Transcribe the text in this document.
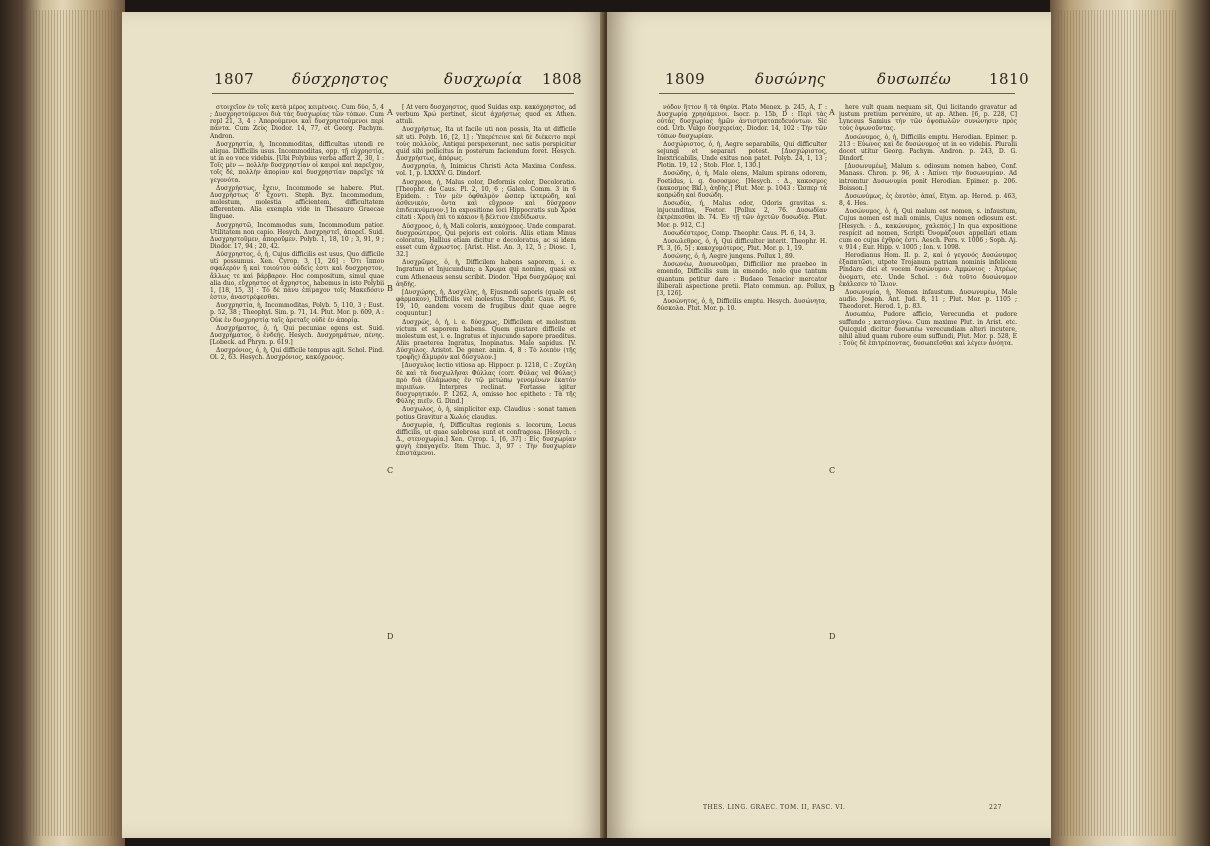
1807	δύσχρηστος	δυσχωρία 1808

στοιχεῖον ἐν τοῖς κατὰ μέρος κειμένοις. Cum δύο, 5, 4 ; Δυσχρηστούμενοι διὰ τὰς δυσχωρίας τῶν τόπων. Cum repl 21, 3, 4 : Ἀπορούμενοι καὶ δυσχρηστούμενοι περὶ πάντα. Cum Ζεὺς Diodor. 14, 77, et Georg. Pachym. Andron.

Δυσχρηστία, ἡ, Incommoditas, difficultas utendi re aliqua. Difficilis usus. Incommoditas, opp. τῇ εὐχρηστίᾳ, ut in eo voce videbis. [Ubi Polybius verba affert 2, 30, 1 : Τοῖς μὲν — πολλὴν δυσχρηστίαν οἱ καιροὶ καὶ παρεῖχον, τοῖς δὲ, πολλὴν ἀπορίαν καὶ δυσχρηστίαν παρεῖχε τὰ γεγονότα.

Δυσχρήστως, ἔχειν, Incommode se habere. Plut. Δυσχρήστως δ' ἔχοντι. Steph. Byz. Incommodum, molestum, molestia afficientem, difficultatem afferentem. Alia exempla vide in Thesauro Graecae linguae.

Δυσχρηστῶ, Incommodus sum, Incommodum patior. Utilitatem non capio. Hesych. Δυσχρηστεῖ, ἀπορεῖ. Suid. Δυσχρηστοῦμεν, ἀποροῦμεν. Polyb. 1, 18, 10 ; 3, 91, 9 ; Diodor. 17, 94 ; 20, 42.

Δύσχρηστος, ὁ, ἡ, Cujus difficilis est usus, Quo difficile uti possumus. Xen. Cyrop. 3, [1, 26] : Ὅτι ἵππου σφαλερὸν ἢ καὶ τοιούτου οὐδεὶς ἐστι καὶ δυσχρηστον, ἄλλως τε καὶ βάρβαρον. Hoc compositum, simul quae alia duo, εὔχρηστος et ἄχρηστος, habemus in isto Polybii 1, [18, 15, 3] : Τὸ δὲ πάνυ ἐπίμαχον τοῖς Μακεδόσιν ἐστιν, ἀναστρέφεσθαι.

Δυσχρηστία, ἡ, Incommoditas, Polyb. 5, 110, 3 ; Eust. p. 52, 38 ; Theophyl. Sim. p. 71, 14. Plut. Mor. p. 609, A : Οὐκ ἐν δυσχρηστίᾳ ταῖς ἀρεταῖς οὐδὲ ἐν ἀπορίᾳ.

Δυσχρήματος, ὁ, ἡ, Qui pecuniae egens est. Suid. Δυσχρήματος, ὁ ἐνδεής. Hesych. Δυσχρημάτων, πένης. [Lobeck. ad Phryn. p. 619.]

Δυσχρόνιος, ὁ, ἡ, Qui difficile tempus agit. Schol. Pind. Ol. 2, 63. Hesych. Δυσχρόνιος, κακόχρονος.

A
B
C
D

[ At vero δυσχρηστος, quod Suidas exp. κακόχρηστος, ad verbum Χρώ pertinet, sicut ἀχρήστως quod ex Athen. attuli.

Δυσχρήστως, Ita ut facile uti non possis, Ita ut difficile sit uti. Polyb. 16, [2, 1] : Ὑπερέτεινε καὶ δὲ διέκειτο περὶ τοὺς πολλοὺς, Antiqui perspexerunt, nec satis perspicitur quid sibi pollicitus in posterum faciendum foret. Hesych. Δυσχρήστως, ἀπόρως.

Δυσχρησία, ἡ, Inimicus Christi Acta Maxima Confess. vol. 1, p. LXXXV. G. Dindorf.

Δυσχροια, ἡ, Malus color, Deformis color, Decoloratio. [Theophr. de Caus. Pl. 2, 10, 6 ; Galen. Comm. 3 in 6 Epidem. : Τὸν μὲν ὀφθαλμὸν ὥσπερ ἰκτερώδη, καὶ ἀσθενικὸν, ὄντα καὶ εὔχροον καὶ δύσχροον ἐπιδεικνύμενον.] In expositione loci Hippocratis sub Χρόα citati : Χροιὴ ἐπὶ τὸ κάκιον ἢ βέλτιον ἐπιδίδωσιν.

Δύσχροος, ὁ, ἡ, Mali coloris, κακόχροος. Unde comparat. δυσχροώτερος, Qui pejoris est coloris. Aliis etiam Minus coloratus, Hallius etiam dicitur e decoloratus, ac si idem esset cum ἄχρωστος. [Arist. Hist. An. 3, 12, 5 ; Diosc. 1, 32.]

Δυσχρῶμος, ὁ, ἡ, Difficilem habens saporem, i. e. Ingratum et Injucundum; a Χρωμα qui nomine, quasi ex cum Athenaeus sensu scribit. Diodor. Ἥρα δυσχρῶμος καὶ ἀηδὴς.

[Δυσχώρης, ἡ, Δυσχέλης, ἡ, Ejusmodi saporis (quale est φάρμακον), Difficilis vel molestus. Theophr. Caus. Pl. 6, 19, 10, eandem vocem de frugibus dixit quae aegre coquuntur.]

Δυσχρώς, ὁ, ἡ, i. e. δύσχρως, Difficilem et molestum victum et saporem habens. Quem gustare difficile et molestum est, i. e. Ingratus et injucundo sapore praeditus. Aliis praeterea Ingratus, Inopinatus. Male sapidus. [V. Δύσχυλος. Aristot. De gener. anim. 4, 8 : Τὸ λοιπὸν (τῆς τροφῆς) ἄλμυρὸν καὶ δύσχυλον.]

[Δυσχυλος lectio vitiosa ap. Hippocr. p. 1218, C : Ζυχέλη δὲ καὶ τὰ δυσχωλῆσαι Φύλλας (corr. Φύλας vel Φύλας) πρὸ διὰ (ἐλάμωσας ἐν τῷ μετώπῳ γενομένων ἑκατὸν περιπίων. Interpres reclinat. Fortasse igitur δυσχυρητικόν. P. 1262, A, omisso hoc epitheto : Τὰ τῆς Φύλης πιεῖν. G. Dind.]

Δυσχωλος, ὁ, ἡ, simpliciter exp. Claudius : sonat tamen potius Gravitur a Χωλός claudus.

Δυσχωρία, ἡ, Difficultas regionis s. locorum, Locus difficilis, ut quae salebrosa sunt et confragosa. [Hesych. : Δ., στενοχωρία.] Xen. Cyrop. 1, [6, 37] : Εἰς δυσχωρίαν φυγὴ ἐπαγαγεῖν. Item Thuc. 3, 97 : Τὴν δυσχωρίαν ἐπιστάμενοι.

1809	δυσώνης	δυσωπέω	1810

νόδον ἥττον ἢ τὰ θηρία. Plato Menex. p. 245, A, Γ : Δυσχωρίᾳ χρησάμενοι. Isocr. p. 15b, D : Περὶ τὰς οὐτὰς δυσχωρίας ἡμῶν ἀντιστρατοπεδευόντων. Sic cod. Urb. Vulgo δυσχερείας. Diodor. 14, 102 : Τὴν τῶν τόπων δυσχωρίαν.

Δυσχώριστος, ὁ, ἡ, Aegre separabilis, Qui difficulter sejungi et separari potest. [Δυσχώριστος, Inextricabilis, Unde exitus non patet. Polyb. 24, 1, 13 ; Plotin. 19, 12 ; Stob. Flor. 1, 130.]

Δυσώδης, ὁ, ἡ, Male olens, Malum spirans odorem, Foetidus, i. q. δυσοσμος. [Hesych. : Δ., κακοσμος (κακοσμος Bkl.), ἀηδὴς.] Plut. Mor. p. 1043 : Ὥσπερ τὰ κοπρώδη καὶ δυσώδη.

Δυσωδία, ἡ, Malus odor, Odoris gravitas s. injucunditas, Foetor. [Pollux 2, 76. Δυσωδίαν ἐκτρέπεσθαι ib. 74. Ἐν τῇ τῶν ὀχετῶν δυσωδίᾳ. Plut. Mor. p. 912, C.]

Δυσωδέστερος, Comp. Theophr. Caus. Pl. 6, 14, 3.

Δυσωλεθρος, ὁ, ἡ, Qui difficulter interit. Theophr. H. Pl. 3, [6, 5] ; κακοχυμότερος, Plut. Mor. p. 1, 19.

Δυσώνης, ὁ, ἡ, Aegre jungens. Pollux 1, 89.

Δυσωνέω, Δυσωνοῦμαι, Difficilior me praebeo in emendo, Difficilis sum in emendo, nolo que tantum quantum petitur dare : Budaeo Tenacior mercator illiberali aspectione pretii. Plato commun. ap. Pollux, [3, 126].

Δυσώνητος, ὁ, ἡ, Difficilis emptu. Hesych. Δυσώνητα, δύσκολα. Plut. Mor. p. 10.

A
B
C
D

here vult quam nequam sit, Qui licitando gravatur ad justum pretium pervenire, ut ap. Athen. [6, p. 228, C] Lynceus Samius τὴν τῶν ὀψοπωλῶν συνώνησιν πρὸς τοὺς ὀψωνοῦντας.

Δυσώνυμος, ὁ, ἡ, Difficilis emptu. Herodian. Epimer. p. 213 : Εὐωνος καὶ δε δυσώνυμος ut in eo videbis. Pluralii docet utitur Georg. Pachym. Andron. p. 243, D. G. Dindorf.

[Δυσωνυμέω], Malum s. odiosum nomen habeo, Conf. Manass. Chron. p. 96, A : Ἀπίνει τὴν δυσωνυμίαν. Ad intromtur Δυσωνυμία ponit Herodian. Epimer. p. 206. Boisson.]

Δυσωνύμως, ἐς ἑαυτὸν, ἀπαί, Etym. ap. Herod. p. 463, 8, 4. Hes.

Δυσώνυμος, ὁ, ἡ, Qui malum est nomen, s. infaustum, Cujus nomen est mali ominis, Cujus nomen odiosum est. [Hesych. : Δ., κακώνυμος, χαλεπός.] In qua expositione respicit ad nomen, Scripti Ὀνομάζουσι appellari etiam cum eo cujus ἐχθρὸς ἐστι. Aesch. Pers. v. 1006 ; Soph. Aj. v. 914 ; Eur. Hipp. v. 1005 ; Ion. v. 1098.

Herodianus Hom. II. p. 2, καὶ ὁ γεγονός Δυσώνυμος ἐξαπατῶσι, utpote Trojanum patriam nominis infelicem Pindaro dici et vocem δυσώνυμον. Ἀμμώνιος : Ἀτρέως ὄνοματι, etc. Unde Schol. : διὰ τοῦτο δυσώνυμον ἐκάλεσεν τὸ Ἴλιον.

Δυσωνυμία, ἡ, Nomen infaustum. Δυσωνυμέω, Male audio. Joseph. Ant. Jud. 8, 11 ; Plut. Mor. p. 1105 ; Theodoret. Herod. 1, p. 83.

Δυσωπέω, Pudore afficio, Verecundia et pudore suffundo ; καταισχύνω. Cum maxime Plut. in Arist. etc. Quicquid dicitur δυσωπέω verecundiam alteri incutere, nihil aliud quam rubore eum suffundi, Plut. Mor. p. 528, E : Τοὺς δὲ ἐπιτρέποντας, δυσωπεῖσθαι καὶ λέγειν ἀνόητα.

THES. LING. GRAEC. TOM. II, FASC. VI.	227
